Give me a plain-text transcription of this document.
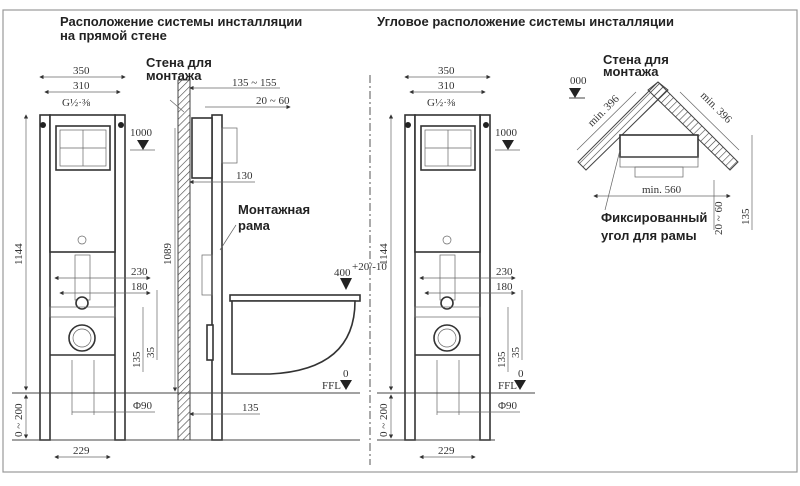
Расположение системы инсталляции
на прямой стене
Угловое расположение системы инсталляции
350
310
G½·⅜
1000
1144
0 ~ 200
229
230
180
135 35
Φ90
Стена для
монтажа	135 ~ 155
20 ~ 60
130
Монтажная
рама
1089
135
400 +20/-10
FFL
0
350
310
G½·⅜
1000
1144
0 ~ 200
229
230
180
135 35
Φ90
FFL
0
Стена для
монтажа
000
min. 396	min. 396
min. 560
Фиксированный
угол для рамы
20 ~ 60 135
